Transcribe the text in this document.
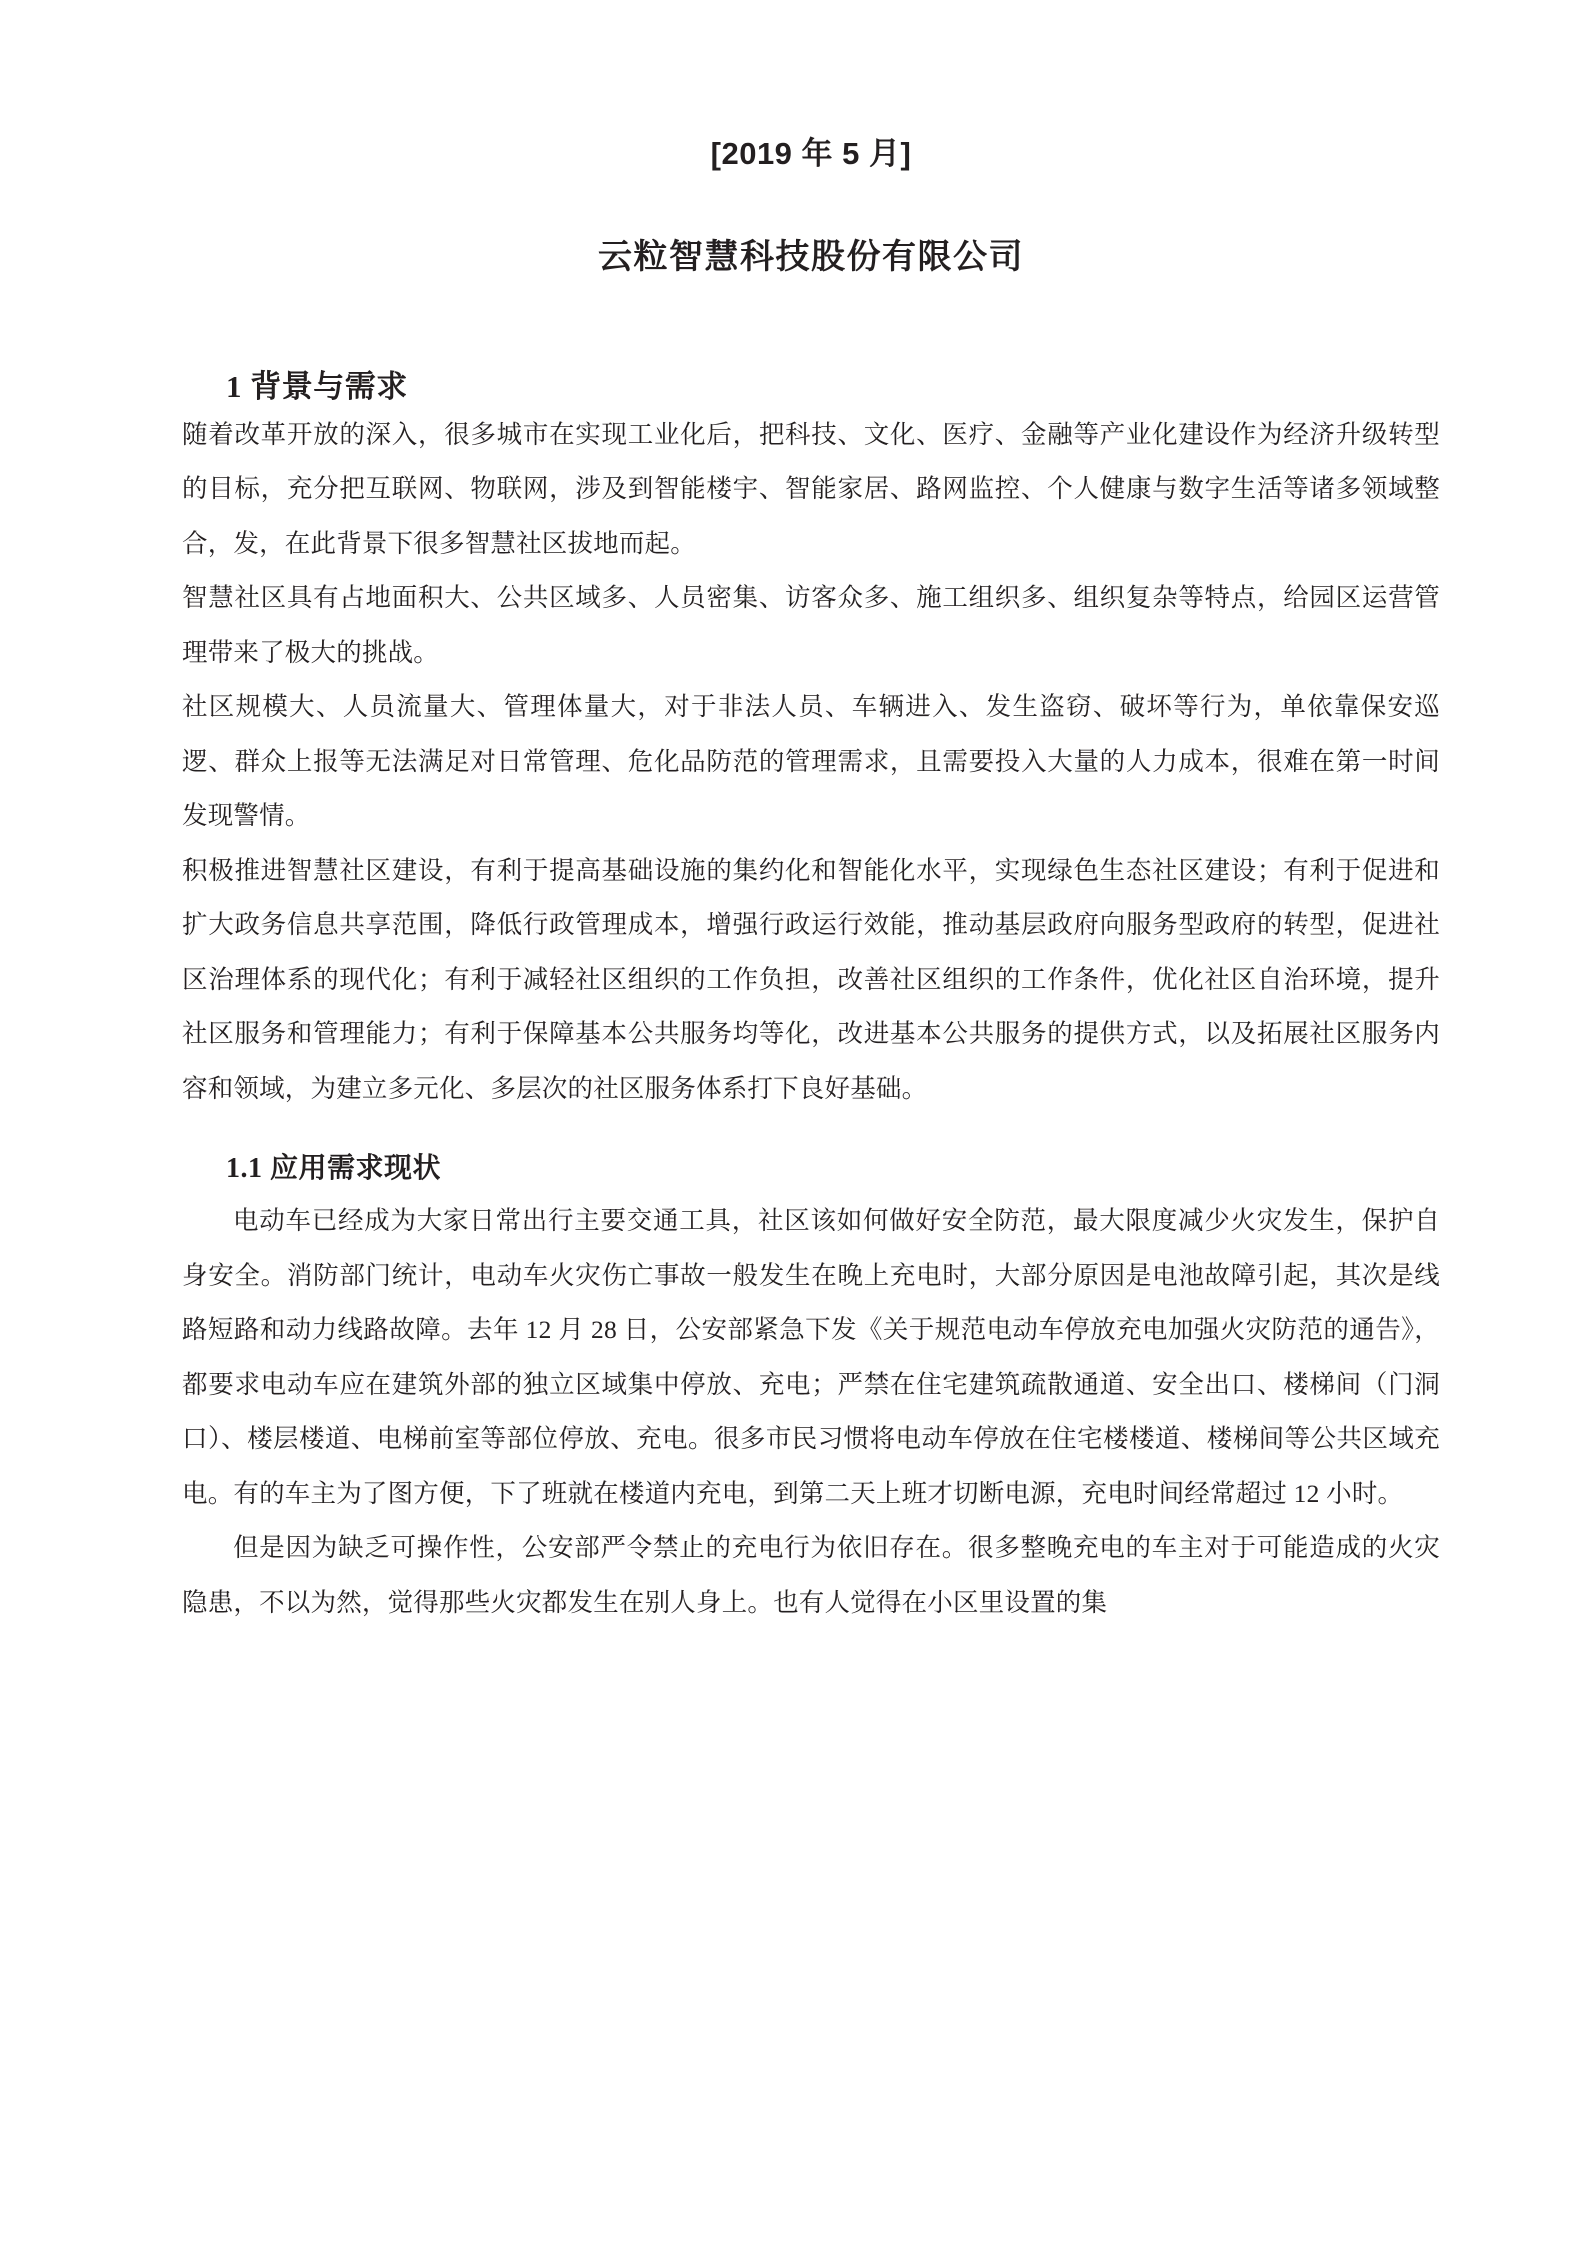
[2019 年 5 月]

云粒智慧科技股份有限公司

1 背景与需求

随着改革开放的深入，很多城市在实现工业化后，把科技、文化、医疗、金融等产业化建设作为经济升级转型的目标，充分把互联网、物联网，涉及到智能楼宇、智能家居、路网监控、个人健康与数字生活等诸多领域整合，发，在此背景下很多智慧社区拔地而起。

智慧社区具有占地面积大、公共区域多、人员密集、访客众多、施工组织多、组织复杂等特点，给园区运营管理带来了极大的挑战。

社区规模大、人员流量大、管理体量大，对于非法人员、车辆进入、发生盗窃、破坏等行为，单依靠保安巡逻、群众上报等无法满足对日常管理、危化品防范的管理需求，且需要投入大量的人力成本，很难在第一时间发现警情。

积极推进智慧社区建设，有利于提高基础设施的集约化和智能化水平，实现绿色生态社区建设；有利于促进和扩大政务信息共享范围，降低行政管理成本，增强行政运行效能，推动基层政府向服务型政府的转型，促进社区治理体系的现代化；有利于减轻社区组织的工作负担，改善社区组织的工作条件，优化社区自治环境，提升社区服务和管理能力；有利于保障基本公共服务均等化，改进基本公共服务的提供方式，以及拓展社区服务内容和领域，为建立多元化、多层次的社区服务体系打下良好基础。

1.1 应用需求现状

电动车已经成为大家日常出行主要交通工具，社区该如何做好安全防范，最大限度减少火灾发生，保护自身安全。消防部门统计，电动车火灾伤亡事故一般发生在晚上充电时，大部分原因是电池故障引起，其次是线路短路和动力线路故障。去年 12 月 28 日，公安部紧急下发《关于规范电动车停放充电加强火灾防范的通告》，都要求电动车应在建筑外部的独立区域集中停放、充电；严禁在住宅建筑疏散通道、安全出口、楼梯间（门洞口）、楼层楼道、电梯前室等部位停放、充电。很多市民习惯将电动车停放在住宅楼楼道、楼梯间等公共区域充电。有的车主为了图方便，下了班就在楼道内充电，到第二天上班才切断电源，充电时间经常超过 12 小时。

但是因为缺乏可操作性，公安部严令禁止的充电行为依旧存在。很多整晚充电的车主对于可能造成的火灾隐患，不以为然，觉得那些火灾都发生在别人身上。也有人觉得在小区里设置的集
